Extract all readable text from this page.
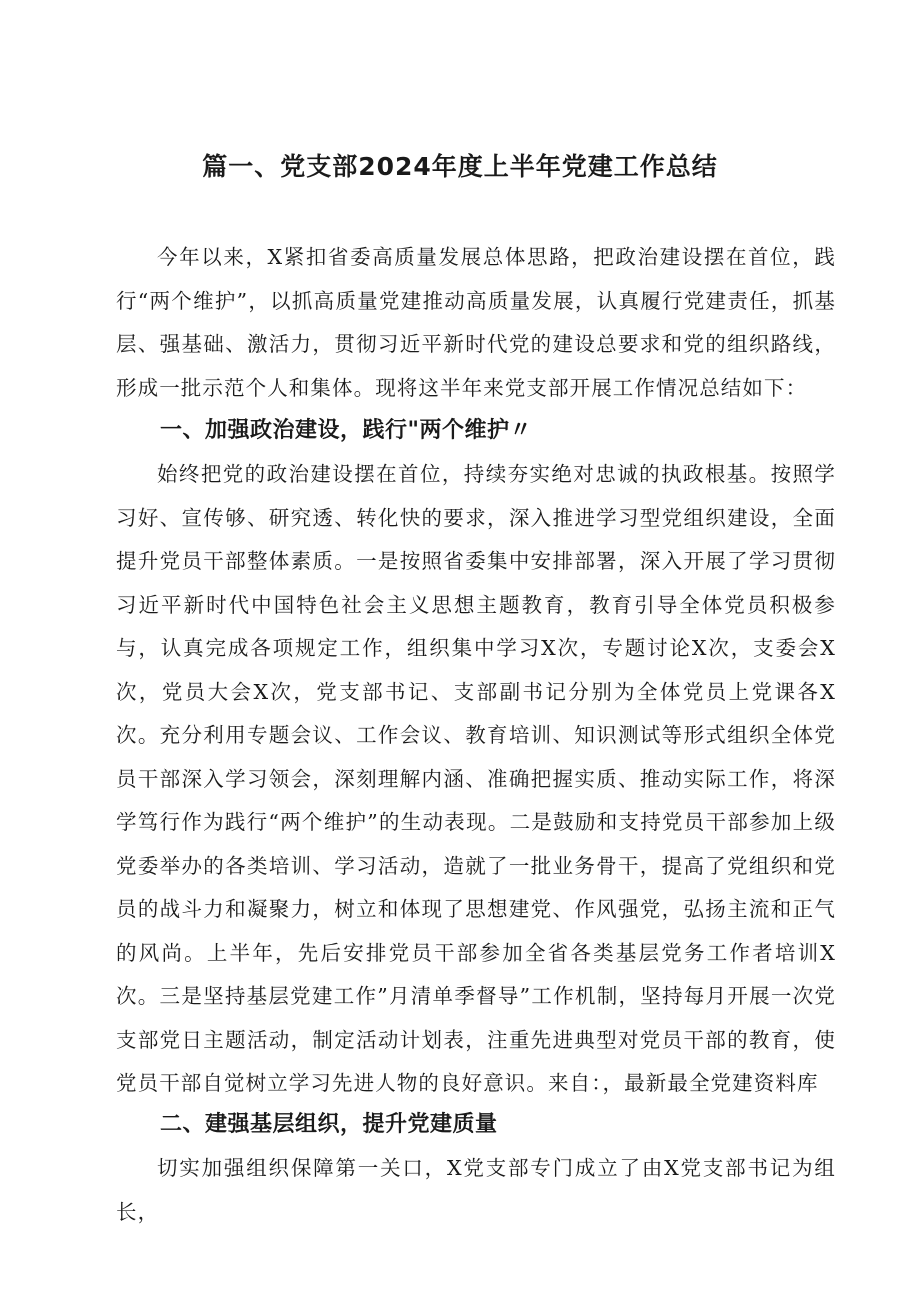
篇一、党支部2024年度上半年党建工作总结
今年以来，X紧扣省委高质量发展总体思路，把政治建设摆在首位，践行“两个维护”，以抓高质量党建推动高质量发展，认真履行党建责任，抓基层、强基础、激活力，贯彻习近平新时代党的建设总要求和党的组织路线，形成一批示范个人和集体。现将这半年来党支部开展工作情况总结如下：
一、加强政治建设，践行"两个维护〃
始终把党的政治建设摆在首位，持续夯实绝对忠诚的执政根基。按照学习好、宣传够、研究透、转化快的要求，深入推进学习型党组织建设，全面提升党员干部整体素质。一是按照省委集中安排部署，深入开展了学习贯彻习近平新时代中国特色社会主义思想主题教育，教育引导全体党员积极参与，认真完成各项规定工作，组织集中学习X次，专题讨论X次，支委会X次，党员大会X次，党支部书记、支部副书记分别为全体党员上党课各X次。充分利用专题会议、工作会议、教育培训、知识测试等形式组织全体党员干部深入学习领会，深刻理解内涵、准确把握实质、推动实际工作，将深学笃行作为践行“两个维护”的生动表现。二是鼓励和支持党员干部参加上级党委举办的各类培训、学习活动，造就了一批业务骨干，提高了党组织和党员的战斗力和凝聚力，树立和体现了思想建党、作风强党，弘扬主流和正气的风尚。上半年，先后安排党员干部参加全省各类基层党务工作者培训X次。三是坚持基层党建工作”月清单季督导”工作机制，坚持每月开展一次党支部党日主题活动，制定活动计划表，注重先进典型对党员干部的教育，使党员干部自觉树立学习先进人物的良好意识。来自：，最新最全党建资料库
二、建强基层组织，提升党建质量
切实加强组织保障第一关口，X党支部专门成立了由X党支部书记为组长，
